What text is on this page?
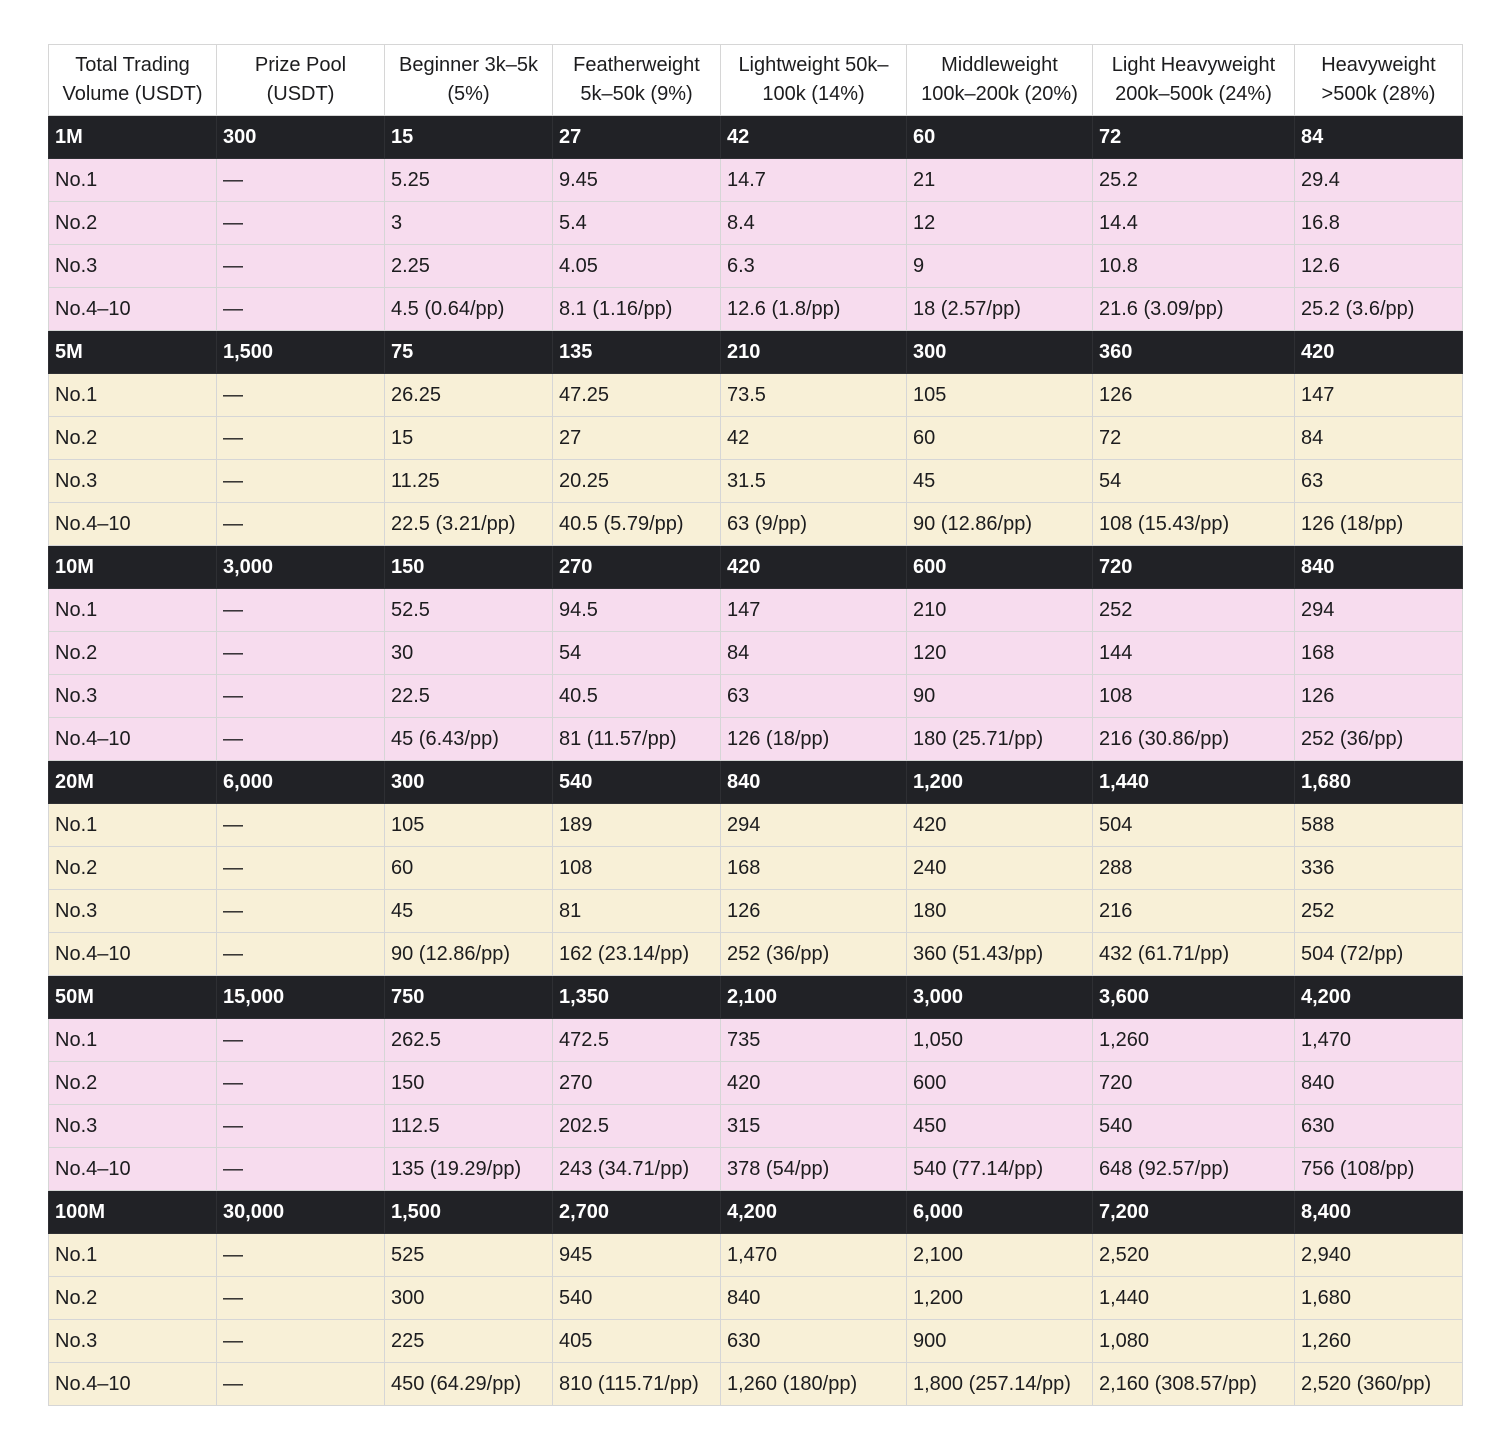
Total Trading Volume (USDT)	Prize Pool (USDT)	Beginner 3k–5k (5%)	Featherweight 5k–50k (9%)	Lightweight 50k–100k (14%)	Middleweight 100k–200k (20%)	Light Heavyweight 200k–500k (24%)	Heavyweight >500k (28%)
1M	300	15	27	42	60	72	84
No.1	—	5.25	9.45	14.7	21	25.2	29.4
No.2	—	3	5.4	8.4	12	14.4	16.8
No.3	—	2.25	4.05	6.3	9	10.8	12.6
No.4–10	—	4.5 (0.64/pp)	8.1 (1.16/pp)	12.6 (1.8/pp)	18 (2.57/pp)	21.6 (3.09/pp)	25.2 (3.6/pp)
5M	1,500	75	135	210	300	360	420
No.1	—	26.25	47.25	73.5	105	126	147
No.2	—	15	27	42	60	72	84
No.3	—	11.25	20.25	31.5	45	54	63
No.4–10	—	22.5 (3.21/pp)	40.5 (5.79/pp)	63 (9/pp)	90 (12.86/pp)	108 (15.43/pp)	126 (18/pp)
10M	3,000	150	270	420	600	720	840
No.1	—	52.5	94.5	147	210	252	294
No.2	—	30	54	84	120	144	168
No.3	—	22.5	40.5	63	90	108	126
No.4–10	—	45 (6.43/pp)	81 (11.57/pp)	126 (18/pp)	180 (25.71/pp)	216 (30.86/pp)	252 (36/pp)
20M	6,000	300	540	840	1,200	1,440	1,680
No.1	—	105	189	294	420	504	588
No.2	—	60	108	168	240	288	336
No.3	—	45	81	126	180	216	252
No.4–10	—	90 (12.86/pp)	162 (23.14/pp)	252 (36/pp)	360 (51.43/pp)	432 (61.71/pp)	504 (72/pp)
50M	15,000	750	1,350	2,100	3,000	3,600	4,200
No.1	—	262.5	472.5	735	1,050	1,260	1,470
No.2	—	150	270	420	600	720	840
No.3	—	112.5	202.5	315	450	540	630
No.4–10	—	135 (19.29/pp)	243 (34.71/pp)	378 (54/pp)	540 (77.14/pp)	648 (92.57/pp)	756 (108/pp)
100M	30,000	1,500	2,700	4,200	6,000	7,200	8,400
No.1	—	525	945	1,470	2,100	2,520	2,940
No.2	—	300	540	840	1,200	1,440	1,680
No.3	—	225	405	630	900	1,080	1,260
No.4–10	—	450 (64.29/pp)	810 (115.71/pp)	1,260 (180/pp)	1,800 (257.14/pp)	2,160 (308.57/pp)	2,520 (360/pp)
